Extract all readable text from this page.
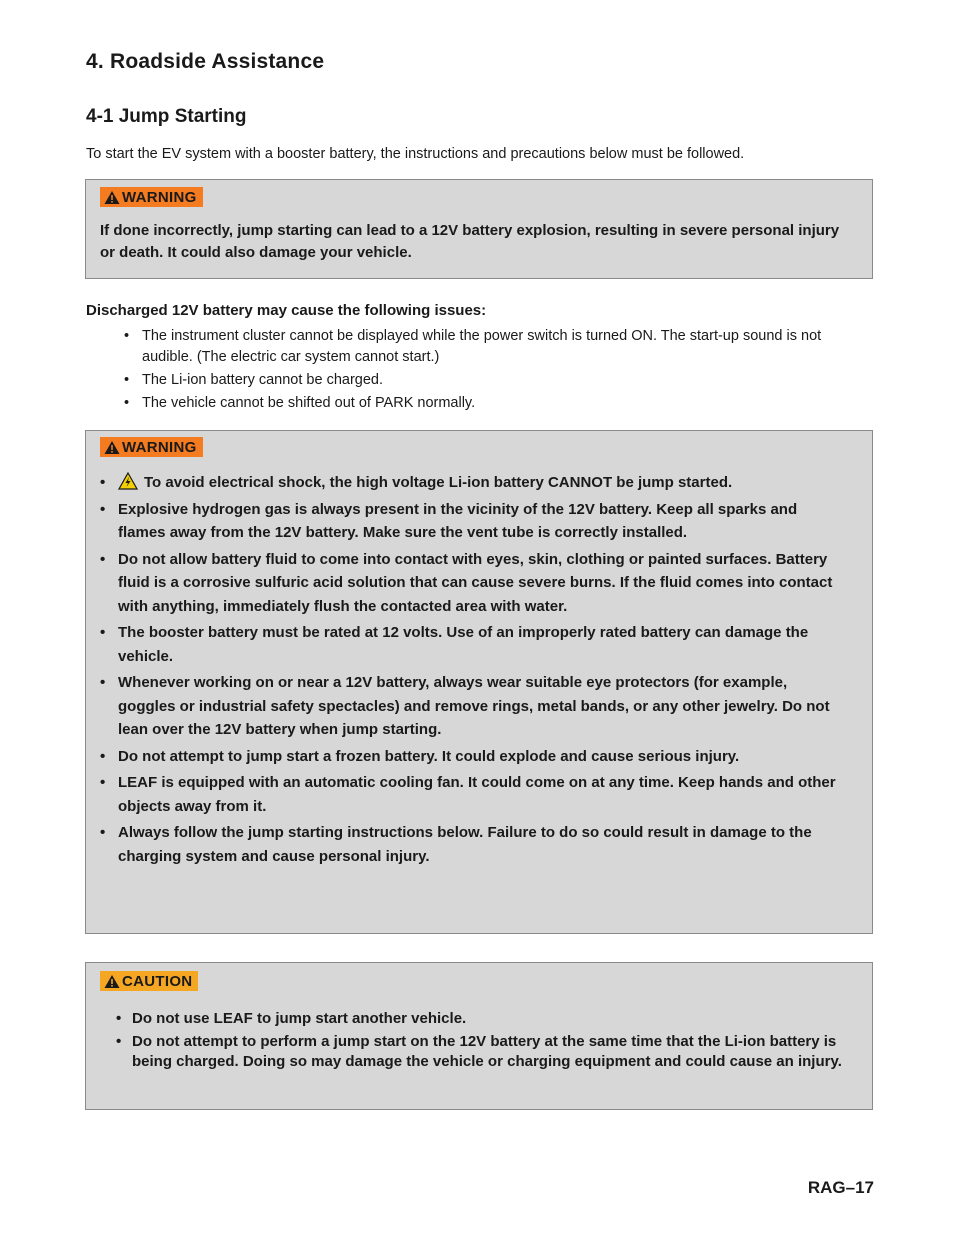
4. Roadside Assistance
4-1 Jump Starting

To start the EV system with a booster battery, the instructions and precautions below must be followed.

WARNING

If done incorrectly, jump starting can lead to a 12V battery explosion, resulting in severe personal injury or death. It could also damage your vehicle.

Discharged 12V battery may cause the following issues:

• The instrument cluster cannot be displayed while the power switch is turned ON. The start-up sound is not audible. (The electric car system cannot start.)
• The Li-ion battery cannot be charged.
• The vehicle cannot be shifted out of PARK normally.
WARNING
•	To avoid electrical shock, the high voltage Li-ion battery CANNOT be jump started.
• Explosive hydrogen gas is always present in the vicinity of the 12V battery. Keep all sparks and flames away from the 12V battery. Make sure the vent tube is correctly installed.
• Do not allow battery fluid to come into contact with eyes, skin, clothing or painted surfaces. Battery fluid is a corrosive sulfuric acid solution that can cause severe burns. If the fluid comes into contact with anything, immediately flush the contacted area with water.
• The booster battery must be rated at 12 volts. Use of an improperly rated battery can damage the vehicle.
• Whenever working on or near a 12V battery, always wear suitable eye protectors (for example, goggles or industrial safety spectacles) and remove rings, metal bands, or any other jewelry. Do not lean over the 12V battery when jump starting.
• Do not attempt to jump start a frozen battery. It could explode and cause serious injury.
• LEAF is equipped with an automatic cooling fan. It could come on at any time. Keep hands and other objects away from it.
• Always follow the jump starting instructions below. Failure to do so could result in damage to the charging system and cause personal injury.
CAUTION
• Do not use LEAF to jump start another vehicle.
• Do not attempt to perform a jump start on the 12V battery at the same time that the Li-ion battery is being charged. Doing so may damage the vehicle or charging equipment and could cause an injury.
RAG–17
